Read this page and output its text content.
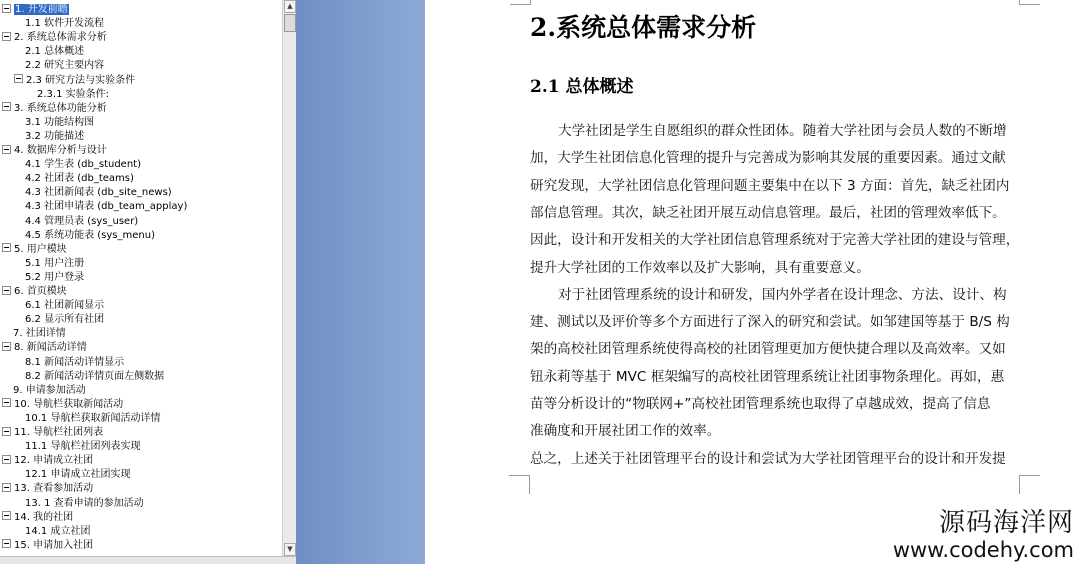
1. 开发前瞻
1.1 软件开发流程
2. 系统总体需求分析
2.1 总体概述
2.2 研究主要内容
2.3 研究方法与实验条件
2.3.1 实验条件:
3. 系统总体功能分析
3.1 功能结构图
3.2 功能描述
4. 数据库分析与设计
4.1 学生表 (db_student)
4.2 社团表 (db_teams)
4.3 社团新闻表 (db_site_news)
4.3 社团申请表 (db_team_applay)
4.4 管理员表 (sys_user)
4.5 系统功能表 (sys_menu)
5. 用户模块
5.1 用户注册
5.2 用户登录
6. 首页模块
6.1 社团新闻显示
6.2 显示所有社团
7. 社团详情
8. 新闻活动详情
8.1 新闻活动详情显示
8.2 新闻活动详情页面左侧数据
9. 申请参加活动
10. 导航栏获取新闻活动
10.1 导航栏获取新闻活动详情
11. 导航栏社团列表
11.1 导航栏社团列表实现
12. 申请成立社团
12.1 申请成立社团实现
13. 查看参加活动
13. 1 查看申请的参加活动
14. 我的社团
14.1 成立社团
15. 申请加入社团
▲
▼
2.系统总体需求分析
2.1 总体概述
大学社团是学生自愿组织的群众性团体。随着大学社团与会员人数的不断增
加，大学生社团信息化管理的提升与完善成为影响其发展的重要因素。通过文献
研究发现，大学社团信息化管理问题主要集中在以下 3 方面：首先，缺乏社团内
部信息管理。其次，缺乏社团开展互动信息管理。最后，社团的管理效率低下。
因此，设计和开发相关的大学社团信息管理系统对于完善大学社团的建设与管理，
提升大学社团的工作效率以及扩大影响，具有重要意义。
对于社团管理系统的设计和研发，国内外学者在设计理念、方法、设计、构
建、测试以及评价等多个方面进行了深入的研究和尝试。如邹建国等基于 B/S 构
架的高校社团管理系统使得高校的社团管理更加方便快捷合理以及高效率。又如
钮永莉等基于 MVC 框架编写的高校社团管理系统让社团事物条理化。再如，惠
苗等分析设计的“物联网+”高校社团管理系统也取得了卓越成效，提高了信息
准确度和开展社团工作的效率。
总之，上述关于社团管理平台的设计和尝试为大学社团管理平台的设计和开发提
源码海洋网
www.codehy.com
